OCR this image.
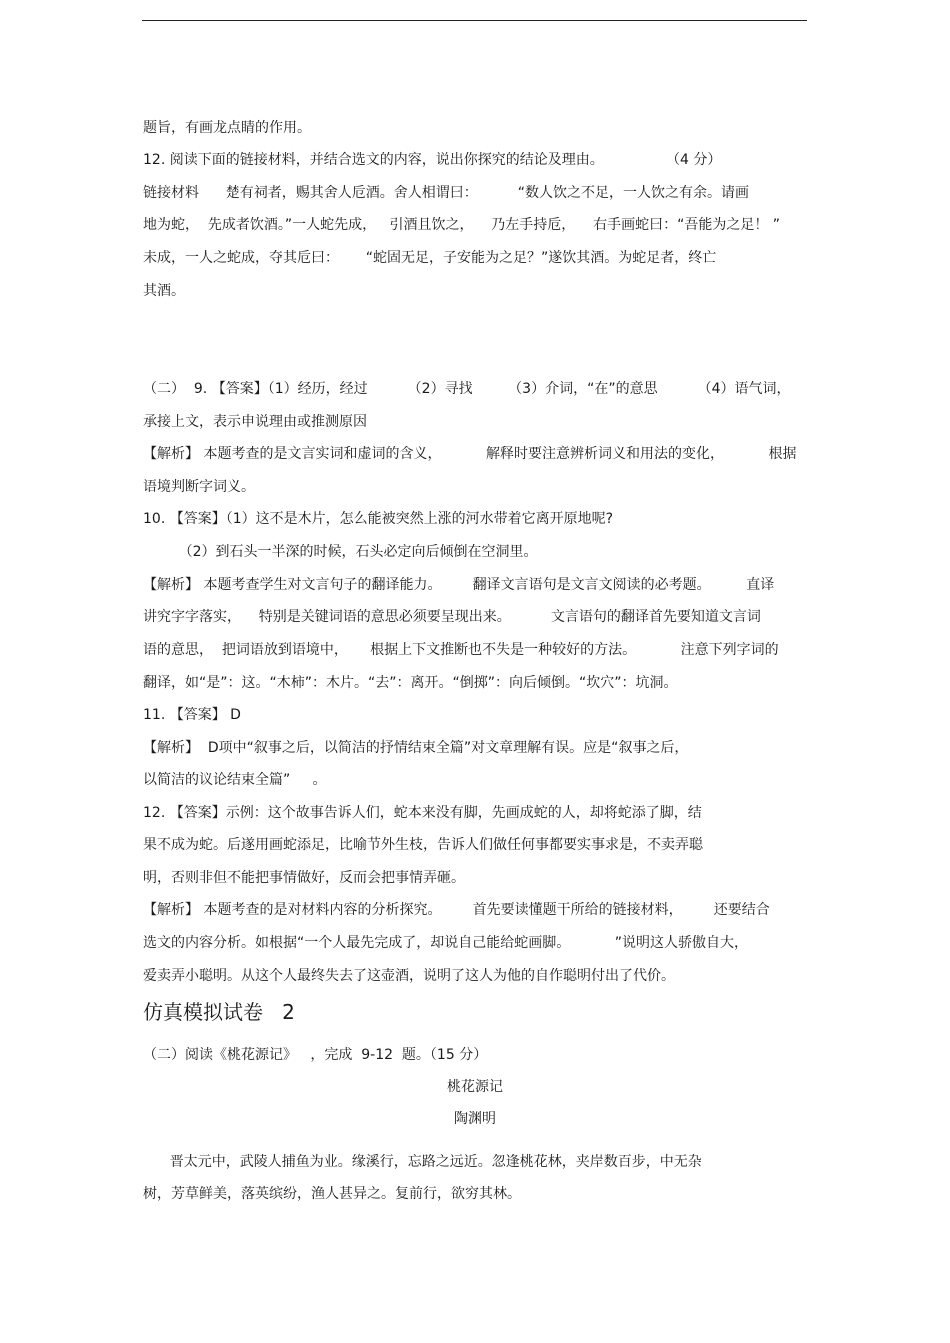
题旨，有画龙点睛的作用。
12. 阅读下面的链接材料，并结合选文的内容，说出你探究的结论及理由。              （4 分）
链接材料      楚有祠者，赐其舍人卮酒。舍人相谓曰：         “数人饮之不足，一人饮之有余。请画
地为蛇，  先成者饮酒。”一人蛇先成，   引酒且饮之，    乃左手持卮，    右手画蛇曰：“吾能为之足！ ”
未成，一人之蛇成，夺其卮曰：      “蛇固无足，子安能为之足？”遂饮其酒。为蛇足者，终亡
其酒。
（二）  9. 【答案】（1）经历，经过         （2）寻找        （3）介词，“在”的意思         （4）语气词，
承接上文，表示申说理由或推测原因
【解析】 本题考查的是文言实词和虚词的含义，          解释时要注意辨析词义和用法的变化，          根据
语境判断字词义。
10. 【答案】（1）这不是木片，怎么能被突然上涨的河水带着它离开原地呢?
（2）到石头一半深的时候，石头必定向后倾倒在空洞里。
【解析】 本题考查学生对文言句子的翻译能力。       翻译文言语句是文言文阅读的必考题。        直译
讲究字字落实，    特别是关键词语的意思必须要呈现出来。         文言语句的翻译首先要知道文言词
语的意思，  把词语放到语境中，     根据上下文推断也不失是一种较好的方法。          注意下列字词的
翻译，如“是”：这。“木柿”：木片。“去”：离开。“倒掷”：向后倾倒。“坎穴”：坑洞。
11. 【答案】 D
【解析】  D项中“叙事之后，以简洁的抒情结束全篇”对文章理解有误。应是“叙事之后，
以简洁的议论结束全篇”     。
12. 【答案】示例：这个故事告诉人们，蛇本来没有脚，先画成蛇的人，却将蛇添了脚，结
果不成为蛇。后遂用画蛇添足，比喻节外生枝，告诉人们做任何事都要实事求是，不卖弄聪
明，否则非但不能把事情做好，反而会把事情弄砸。
【解析】 本题考查的是对材料内容的分析探究。       首先要读懂题干所给的链接材料，       还要结合
选文的内容分析。如根据“一个人最先完成了，却说自己能给蛇画脚。          ”说明这人骄傲自大，
爱卖弄小聪明。从这个人最终失去了这壶酒，说明了这人为他的自作聪明付出了代价。
仿真模拟试卷   2
（二）阅读《桃花源记》   ，完成  9-12  题。（15 分）
桃花源记
陶渊明
晋太元中，武陵人捕鱼为业。缘溪行，忘路之远近。忽逢桃花林，夹岸数百步，中无杂
树，芳草鲜美，落英缤纷，渔人甚异之。复前行，欲穷其林。
